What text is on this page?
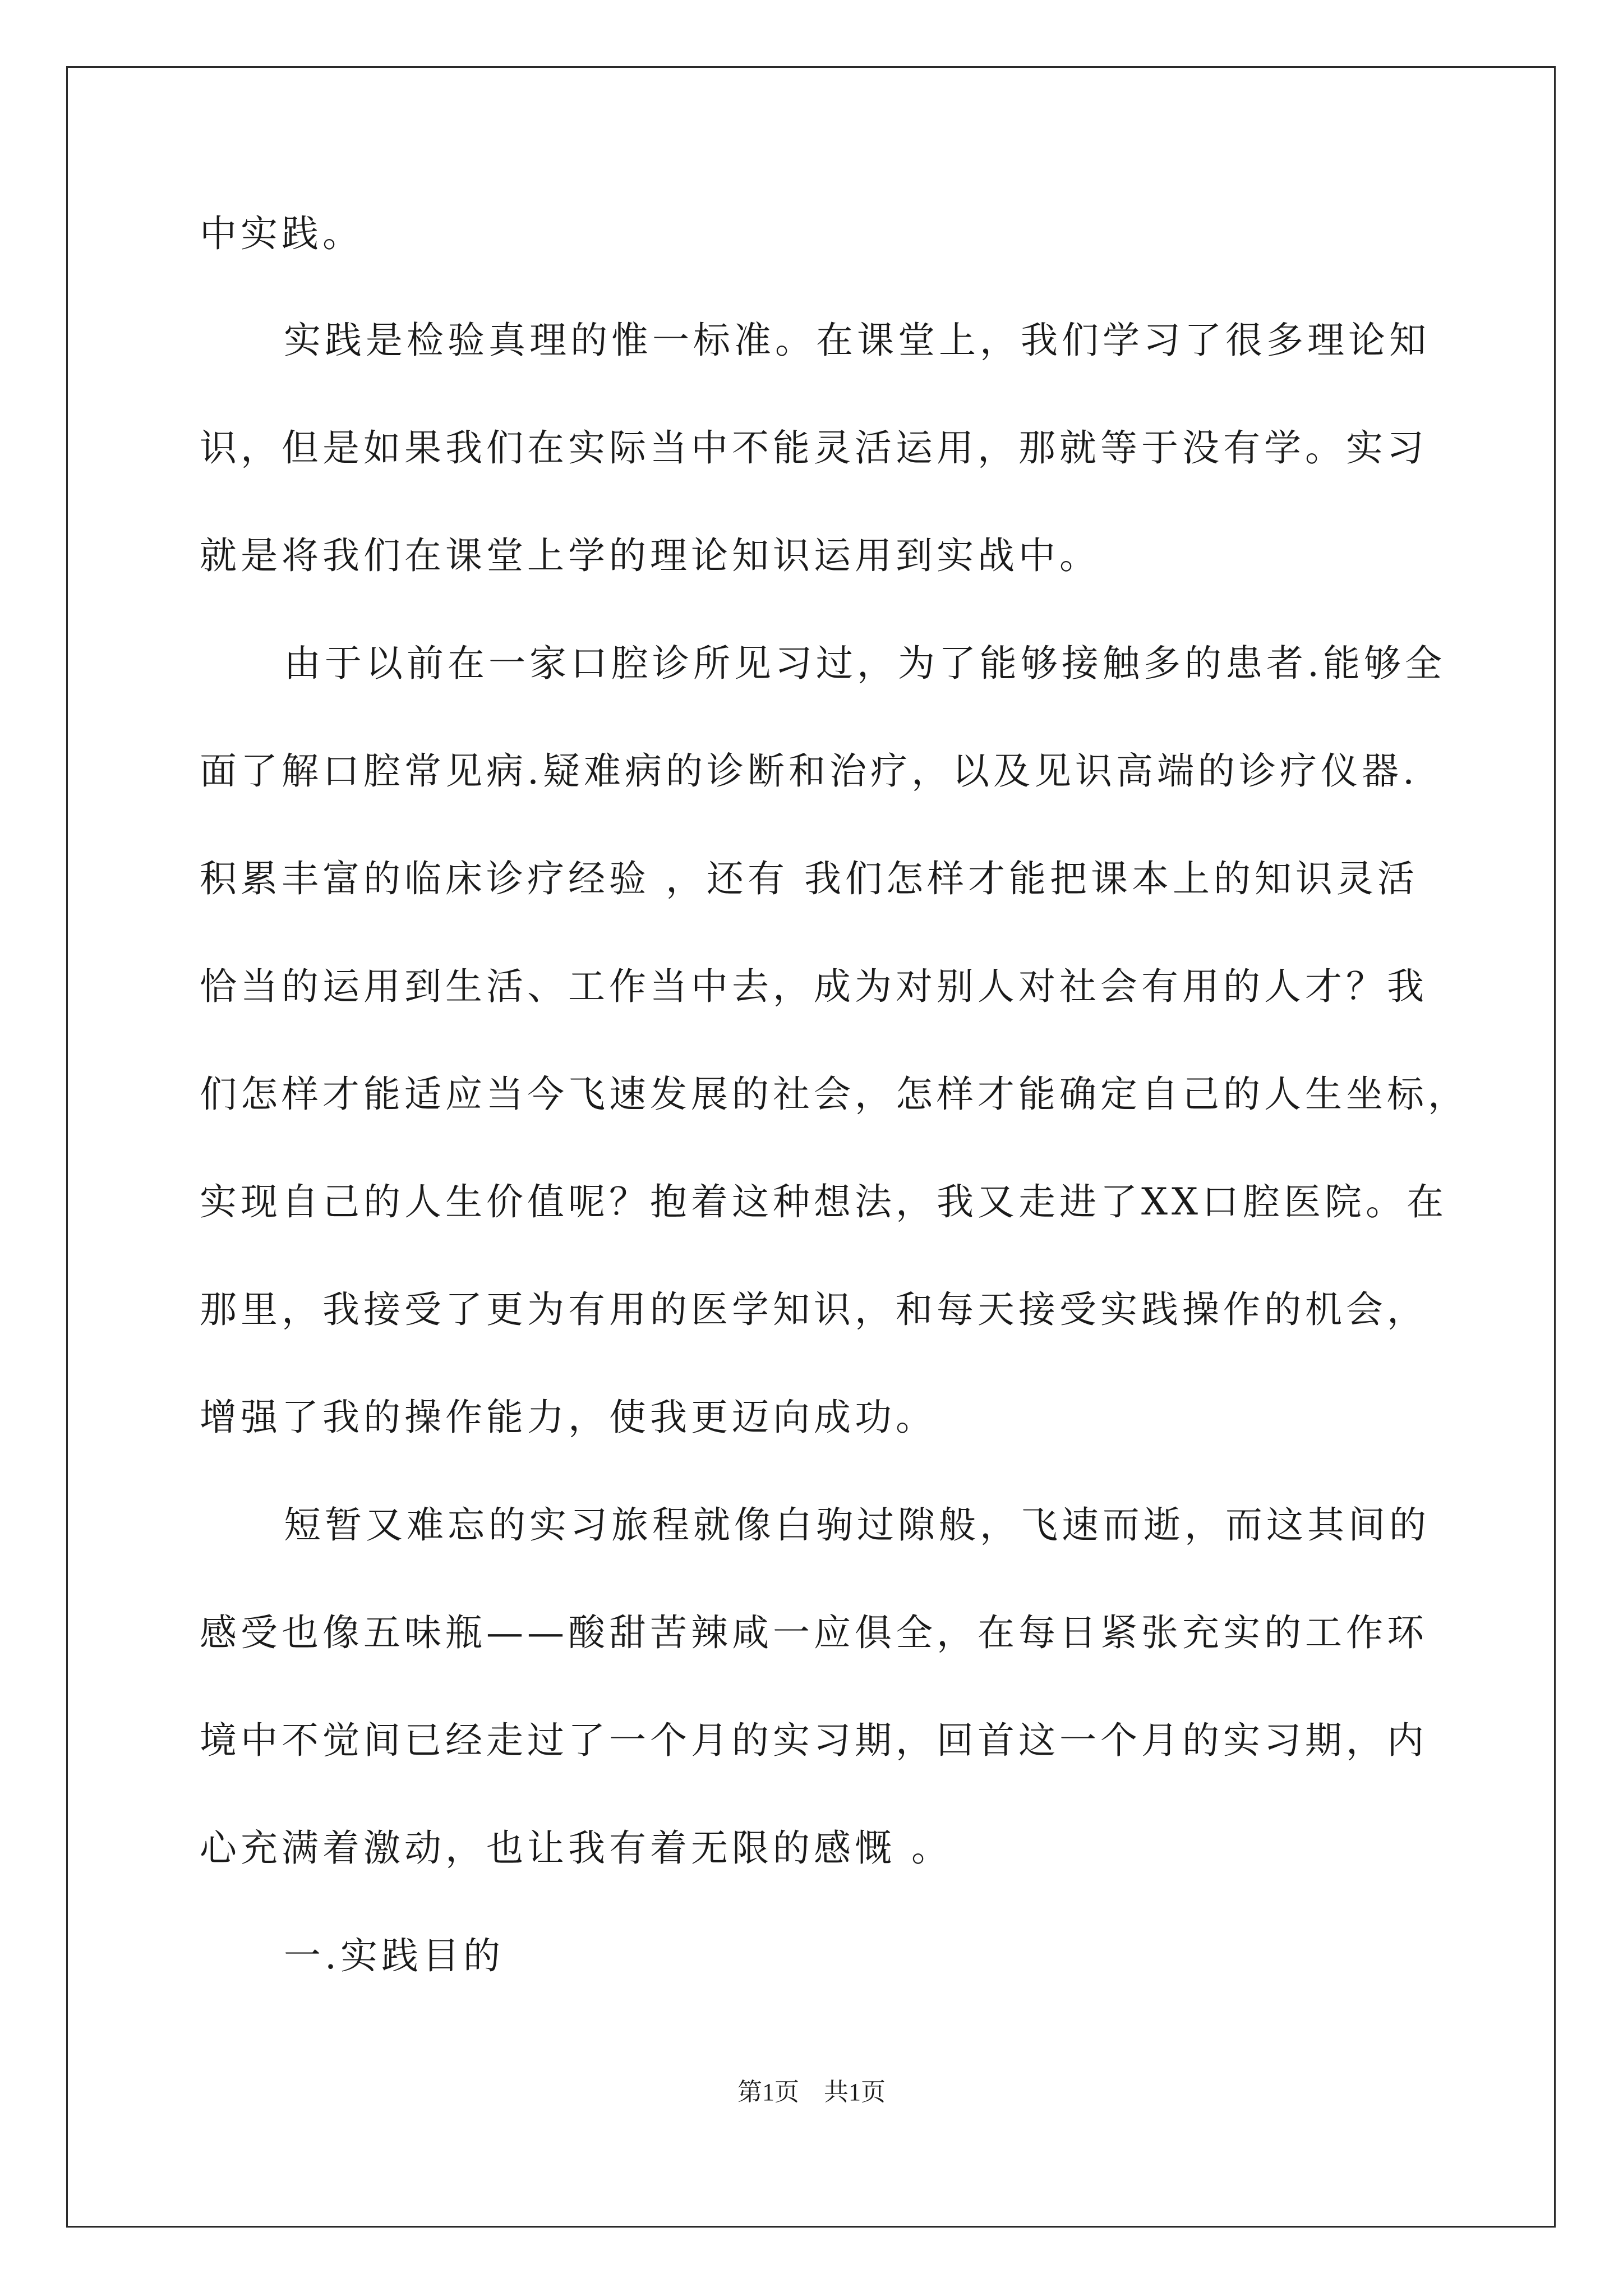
中实践。
实践是检验真理的惟一标准。在课堂上，我们学习了很多理论知
识，但是如果我们在实际当中不能灵活运用，那就等于没有学。实习
就是将我们在课堂上学的理论知识运用到实战中。
由于以前在一家口腔诊所见习过，为了能够接触多的患者.能够全
面了解口腔常见病.疑难病的诊断和治疗，以及见识高端的诊疗仪器.
积累丰富的临床诊疗经验 ，还有 我们怎样才能把课本上的知识灵活
恰当的运用到生活、工作当中去，成为对别人对社会有用的人才？我
们怎样才能适应当今飞速发展的社会，怎样才能确定自己的人生坐标，
实现自己的人生价值呢？抱着这种想法，我又走进了XX口腔医院。在
那里，我接受了更为有用的医学知识，和每天接受实践操作的机会，
增强了我的操作能力，使我更迈向成功。
短暂又难忘的实习旅程就像白驹过隙般，飞速而逝，而这其间的
感受也像五味瓶——酸甜苦辣咸一应俱全，在每日紧张充实的工作环
境中不觉间已经走过了一个月的实习期，回首这一个月的实习期，内
心充满着激动，也让我有着无限的感慨 。
一.实践目的
第1页 共1页
